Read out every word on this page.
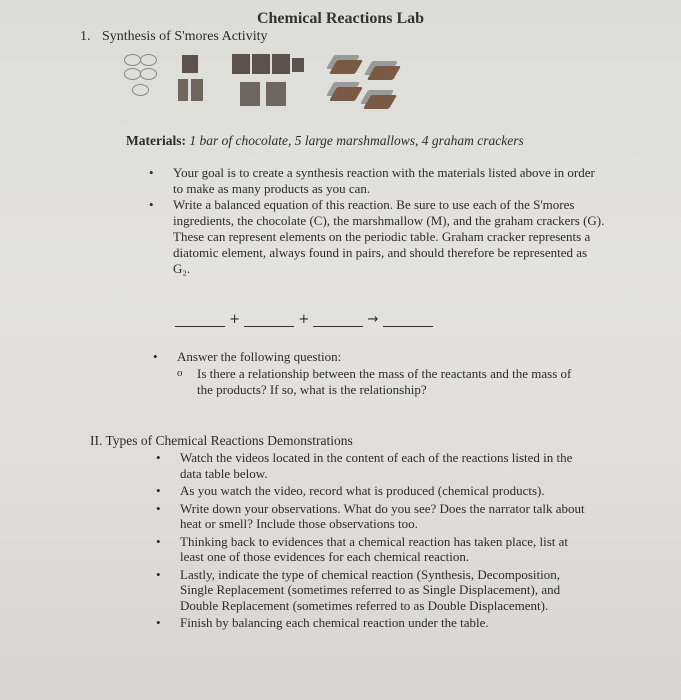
Chemical Reactions Lab
1. Synthesis of S'mores Activity
Materials: 1 bar of chocolate, 5 large marshmallows, 4 graham crackers
• Your goal is to create a synthesis reaction with the materials listed above in order to make as many products as you can.
• Write a balanced equation of this reaction. Be sure to use each of the S'mores ingredients, the chocolate (C), the marshmallow (M), and the graham crackers (G). These can represent elements on the periodic table. Graham cracker represents a diatomic element, always found in pairs, and should therefore be represented as G₂.
+	+	→
• Answer the following question:
o Is there a relationship between the mass of the reactants and the mass of the products? If so, what is the relationship?
II. Types of Chemical Reactions Demonstrations
• Watch the videos located in the content of each of the reactions listed in the data table below.
• As you watch the video, record what is produced (chemical products).
• Write down your observations. What do you see? Does the narrator talk about heat or smell? Include those observations too.
• Thinking back to evidences that a chemical reaction has taken place, list at least one of those evidences for each chemical reaction.
• Lastly, indicate the type of chemical reaction (Synthesis, Decomposition, Single Replacement (sometimes referred to as Single Displacement), and Double Replacement (sometimes referred to as Double Displacement).
• Finish by balancing each chemical reaction under the table.
